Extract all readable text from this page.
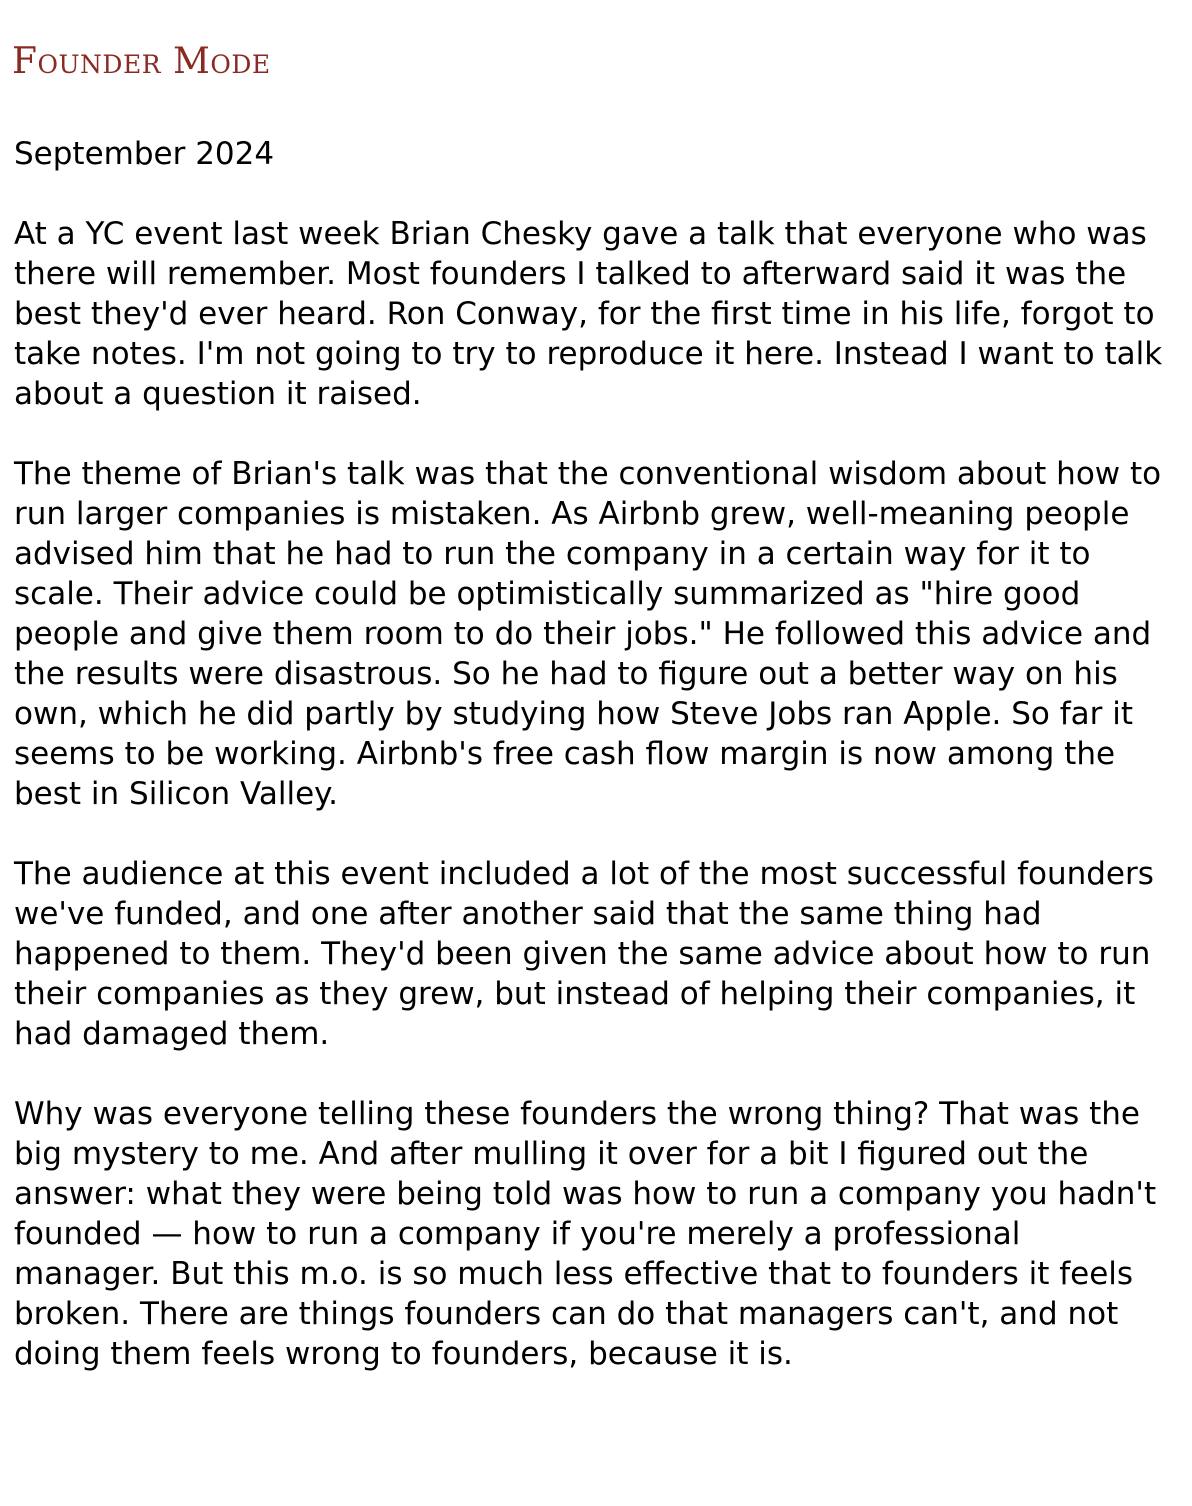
Founder Mode

September 2024

At a YC event last week Brian Chesky gave a talk that everyone who was there will remember. Most founders I talked to afterward said it was the best they'd ever heard. Ron Conway, for the first time in his life, forgot to take notes. I'm not going to try to reproduce it here. Instead I want to talk about a question it raised.

The theme of Brian's talk was that the conventional wisdom about how to run larger companies is mistaken. As Airbnb grew, well-meaning people advised him that he had to run the company in a certain way for it to scale. Their advice could be optimistically summarized as "hire good people and give them room to do their jobs." He followed this advice and the results were disastrous. So he had to figure out a better way on his own, which he did partly by studying how Steve Jobs ran Apple. So far it seems to be working. Airbnb's free cash flow margin is now among the best in Silicon Valley.

The audience at this event included a lot of the most successful founders we've funded, and one after another said that the same thing had happened to them. They'd been given the same advice about how to run their companies as they grew, but instead of helping their companies, it had damaged them.

Why was everyone telling these founders the wrong thing? That was the big mystery to me. And after mulling it over for a bit I figured out the answer: what they were being told was how to run a company you hadn't founded — how to run a company if you're merely a professional manager. But this m.o. is so much less effective that to founders it feels broken. There are things founders can do that managers can't, and not doing them feels wrong to founders, because it is.
